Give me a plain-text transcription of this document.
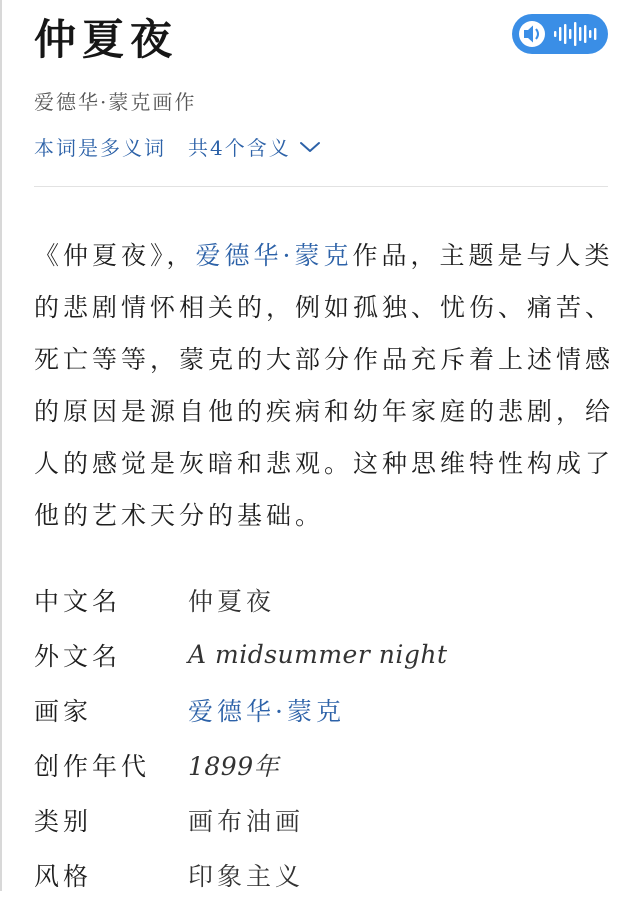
仲夏夜
爱德华·蒙克画作
本词是多义词 共4个含义

《仲夏夜》，爱德华·蒙克作品，主题是与人类的悲剧情怀相关的，例如孤独、忧伤、痛苦、死亡等等，蒙克的大部分作品充斥着上述情感的原因是源自他的疾病和幼年家庭的悲剧，给人的感觉是灰暗和悲观。这种思维特性构成了他的艺术天分的基础。

中文名	仲夏夜
外文名	A midsummer night
画家	爱德华·蒙克
创作年代	1899年
类别	画布油画
风格	印象主义
